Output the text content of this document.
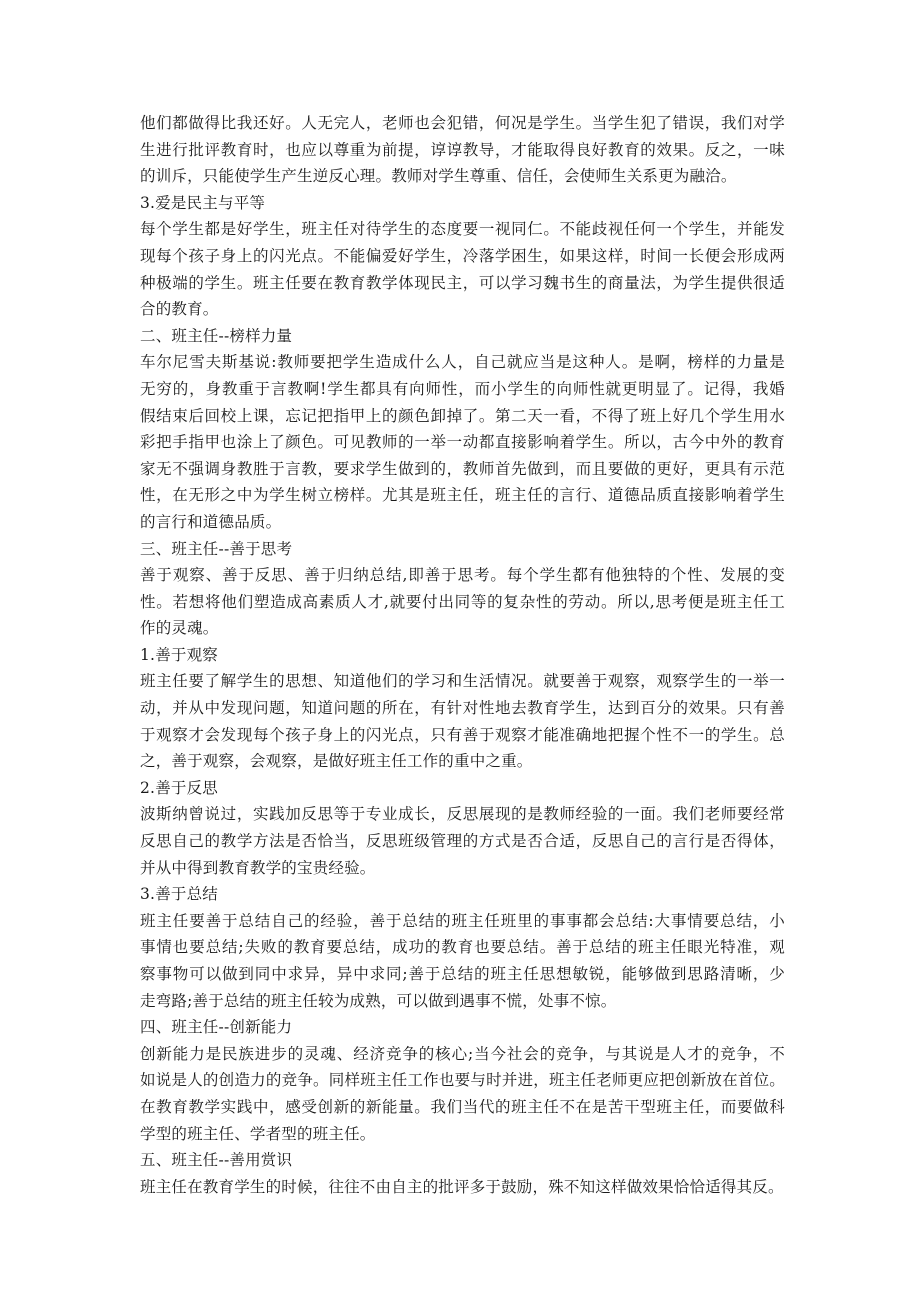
他们都做得比我还好。人无完人，老师也会犯错，何况是学生。当学生犯了错误，我们对学
生进行批评教育时，也应以尊重为前提，谆谆教导，才能取得良好教育的效果。反之，一味
的训斥，只能使学生产生逆反心理。教师对学生尊重、信任，会使师生关系更为融洽。
3.爱是民主与平等
每个学生都是好学生，班主任对待学生的态度要一视同仁。不能歧视任何一个学生，并能发
现每个孩子身上的闪光点。不能偏爱好学生，冷落学困生，如果这样，时间一长便会形成两
种极端的学生。班主任要在教育教学体现民主，可以学习魏书生的商量法，为学生提供很适
合的教育。
二、班主任--榜样力量
车尔尼雪夫斯基说:教师要把学生造成什么人，自己就应当是这种人。是啊，榜样的力量是
无穷的，身教重于言教啊!学生都具有向师性，而小学生的向师性就更明显了。记得，我婚
假结束后回校上课，忘记把指甲上的颜色卸掉了。第二天一看，不得了班上好几个学生用水
彩把手指甲也涂上了颜色。可见教师的一举一动都直接影响着学生。所以，古今中外的教育
家无不强调身教胜于言教，要求学生做到的，教师首先做到，而且要做的更好，更具有示范
性，在无形之中为学生树立榜样。尤其是班主任，班主任的言行、道德品质直接影响着学生
的言行和道德品质。
三、班主任--善于思考
善于观察、善于反思、善于归纳总结,即善于思考。每个学生都有他独特的个性、发展的变
性。若想将他们塑造成高素质人才,就要付出同等的复杂性的劳动。所以,思考便是班主任工
作的灵魂。
1.善于观察
班主任要了解学生的思想、知道他们的学习和生活情况。就要善于观察，观察学生的一举一
动，并从中发现问题，知道问题的所在，有针对性地去教育学生，达到百分的效果。只有善
于观察才会发现每个孩子身上的闪光点，只有善于观察才能准确地把握个性不一的学生。总
之，善于观察，会观察，是做好班主任工作的重中之重。
2.善于反思
波斯纳曾说过，实践加反思等于专业成长，反思展现的是教师经验的一面。我们老师要经常
反思自己的教学方法是否恰当，反思班级管理的方式是否合适，反思自己的言行是否得体，
并从中得到教育教学的宝贵经验。
3.善于总结
班主任要善于总结自己的经验，善于总结的班主任班里的事事都会总结:大事情要总结，小
事情也要总结;失败的教育要总结，成功的教育也要总结。善于总结的班主任眼光特准，观
察事物可以做到同中求异，异中求同;善于总结的班主任思想敏锐，能够做到思路清晰，少
走弯路;善于总结的班主任较为成熟，可以做到遇事不慌，处事不惊。
四、班主任--创新能力
创新能力是民族进步的灵魂、经济竞争的核心;当今社会的竞争，与其说是人才的竞争，不
如说是人的创造力的竞争。同样班主任工作也要与时并进，班主任老师更应把创新放在首位。
在教育教学实践中，感受创新的新能量。我们当代的班主任不在是苦干型班主任，而要做科
学型的班主任、学者型的班主任。
五、班主任--善用赏识
班主任在教育学生的时候，往往不由自主的批评多于鼓励，殊不知这样做效果恰恰适得其反。
